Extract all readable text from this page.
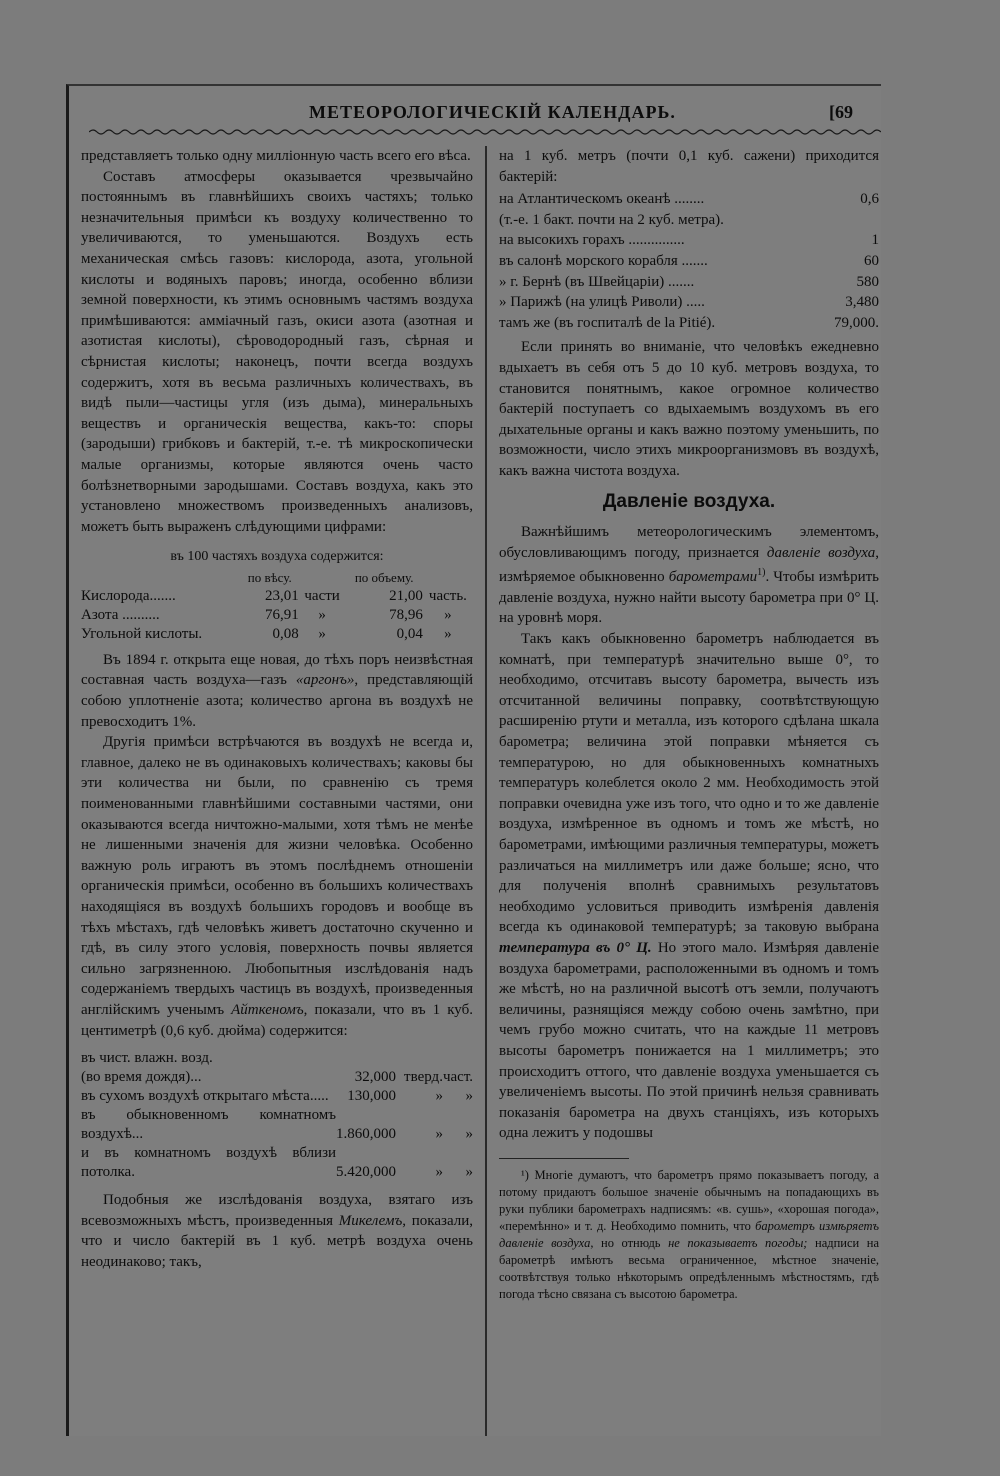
МЕТЕОРОЛОГИЧЕСКІЙ КАЛЕНДАРЬ.	[69

представляетъ только одну милліонную часть всего его вѣса.

Составъ атмосферы оказывается чрезвычайно постояннымъ въ главнѣйшихъ своихъ частяхъ; только незначительныя примѣси къ воздуху количественно то увеличиваются, то уменьшаются. Воздухъ есть механическая смѣсь газовъ: кислорода, азота, угольной кислоты и водяныхъ паровъ; иногда, особенно вблизи земной поверхности, къ этимъ основнымъ частямъ воздуха примѣшиваются: аммiачный газъ, окиси азота (азотная и азотистая кислоты), сѣроводородный газъ, сѣрная и сѣрнистая кислоты; наконецъ, почти всегда воздухъ содержитъ, хотя въ весьма различныхъ количествахъ, въ видѣ пыли—частицы угля (изъ дыма), минеральныхъ веществъ и органическія вещества, какъ-то: споры (зародыши) грибковъ и бактерій, т.-е. тѣ микроскопически малые организмы, которые являются очень часто болѣзнетворными зародышами. Составъ воздуха, какъ это установлено множествомъ произведенныхъ анализовъ, можетъ быть выраженъ слѣдующими цифрами:

въ 100 частяхъ воздуха содержится:
	по вѣсу.		по объему.	
Кислорода.......	23,01	части	21,00	часть.
Азота ..........	76,91	»	78,96	»
Угольной кислоты.	0,08	»	0,04	»

Въ 1894 г. открыта еще новая, до тѣхъ поръ неизвѣстная составная часть воздуха—газъ «аргонъ», представляющій собою уплотненіе азота; количество аргона въ воздухѣ не превосходитъ 1%.

Другія примѣси встрѣчаются въ воздухѣ не всегда и, главное, далеко не въ одинаковыхъ количествахъ; каковы бы эти количества ни были, по сравненію съ тремя поименованными главнѣйшими составными частями, они оказываются всегда ничтожно-малыми, хотя тѣмъ не менѣе не лишенными значенія для жизни человѣка. Особенно важную роль играютъ въ этомъ послѣднемъ отношеніи органическія примѣси, особенно въ большихъ количествахъ находящіяся въ воздухѣ большихъ городовъ и вообще въ тѣхъ мѣстахъ, гдѣ человѣкъ живетъ достаточно скученно и гдѣ, въ силу этого условія, поверхность почвы является сильно загрязненною. Любопытныя изслѣдованія надъ содержаніемъ твердыхъ частицъ въ воздухѣ, произведенныя англійскимъ ученымъ Айткеномъ, показали, что въ 1 куб. центиметрѣ (0,6 куб. дюйма) содержится:

въ чист. влажн. возд.			
(во время дождя)...	32,000	тверд.	част.
въ сухомъ воздухѣ открытаго мѣста.....	130,000	»	»
въ обыкновенномъ комнатномъ воздухѣ...	1.860,000	»	»
и въ комнатномъ воздухѣ вблизи потолка.	5.420,000	»	»

Подобныя же изслѣдованія воздуха, взятаго изъ всевозможныхъ мѣстъ, произведенныя Микелемъ, показали, что и число бактерій въ 1 куб. метрѣ воздуха очень неодинаково; такъ,

на 1 куб. метръ (почти 0,1 куб. сажени) приходится бактерій:

на Атлантическомъ океанѣ ........	0,6
(т.-е. 1 бакт. почти на 2 куб. метра).
на высокихъ горахъ ...............	1
въ салонѣ морского корабля .......	60
» г. Бернѣ (въ Швейцаріи) .......	580
» Парижѣ (на улицѣ Риволи) .....	3,480
тамъ же (въ госпиталѣ de la Pitié).	79,000.

Если принять во вниманіе, что человѣкъ ежедневно вдыхаетъ въ себя отъ 5 до 10 куб. метровъ воздуха, то становится понятнымъ, какое огромное количество бактерій поступаетъ со вдыхаемымъ воздухомъ въ его дыхательные органы и какъ важно поэтому уменьшить, по возможности, число этихъ микроорганизмовъ въ воздухѣ, какъ важна чистота воздуха.

Давленіе воздуха.

Важнѣйшимъ метеорологическимъ элементомъ, обусловливающимъ погоду, признается давленіе воздуха, измѣряемое обыкновенно барометрами$^{1)}$. Чтобы измѣрить давленіе воздуха, нужно найти высоту барометра при 0° Ц. на уровнѣ моря.

Такъ какъ обыкновенно барометръ наблюдается въ комнатѣ, при температурѣ значительно выше 0°, то необходимо, отсчитавъ высоту барометра, вычесть изъ отсчитанной величины поправку, соотвѣтствующую расширенію ртути и металла, изъ которого сдѣлана шкала барометра; величина этой поправки мѣняется съ температурою, но для обыкновенныхъ комнатныхъ температуръ колеблется около 2 мм. Необходимость этой поправки очевидна уже изъ того, что одно и то же давленіе воздуха, измѣренное въ одномъ и томъ же мѣстѣ, но барометрами, имѣющими различныя температуры, можетъ различаться на миллиметръ или даже больше; ясно, что для полученія вполнѣ сравнимыхъ результатовъ необходимо условиться приводить измѣренія давленія всегда къ одинаковой температурѣ; за таковую выбрана температура въ 0° Ц. Но этого мало. Измѣряя давленіе воздуха барометрами, расположенными въ одномъ и томъ же мѣстѣ, но на различной высотѣ отъ земли, получаютъ величины, разнящіяся между собою очень замѣтно, при чемъ грубо можно считать, что на каждые 11 метровъ высоты барометръ понижается на 1 миллиметръ; это происходитъ оттого, что давленіе воздуха уменьшается съ увеличеніемъ высоты. По этой причинѣ нельзя сравнивать показанія барометра на двухъ станціяхъ, изъ которыхъ одна лежитъ у подошвы

¹) Многіе думаютъ, что барометръ прямо показываетъ погоду, а потому придаютъ большое значеніе обычнымъ на попадающихъ въ руки публики барометрахъ надписямъ: «в. сушь», «хорошая погода», «перемѣнно» и т. д. Необходимо помнить, что барометръ измѣряетъ давленіе воздуха, но отнюдь не показываетъ погоды; надписи на барометрѣ имѣютъ весьма ограниченное, мѣстное значеніе, соотвѣтствуя только нѣкоторымъ опредѣленнымъ мѣстностямъ, гдѣ погода тѣсно связана съ высотою барометра.
